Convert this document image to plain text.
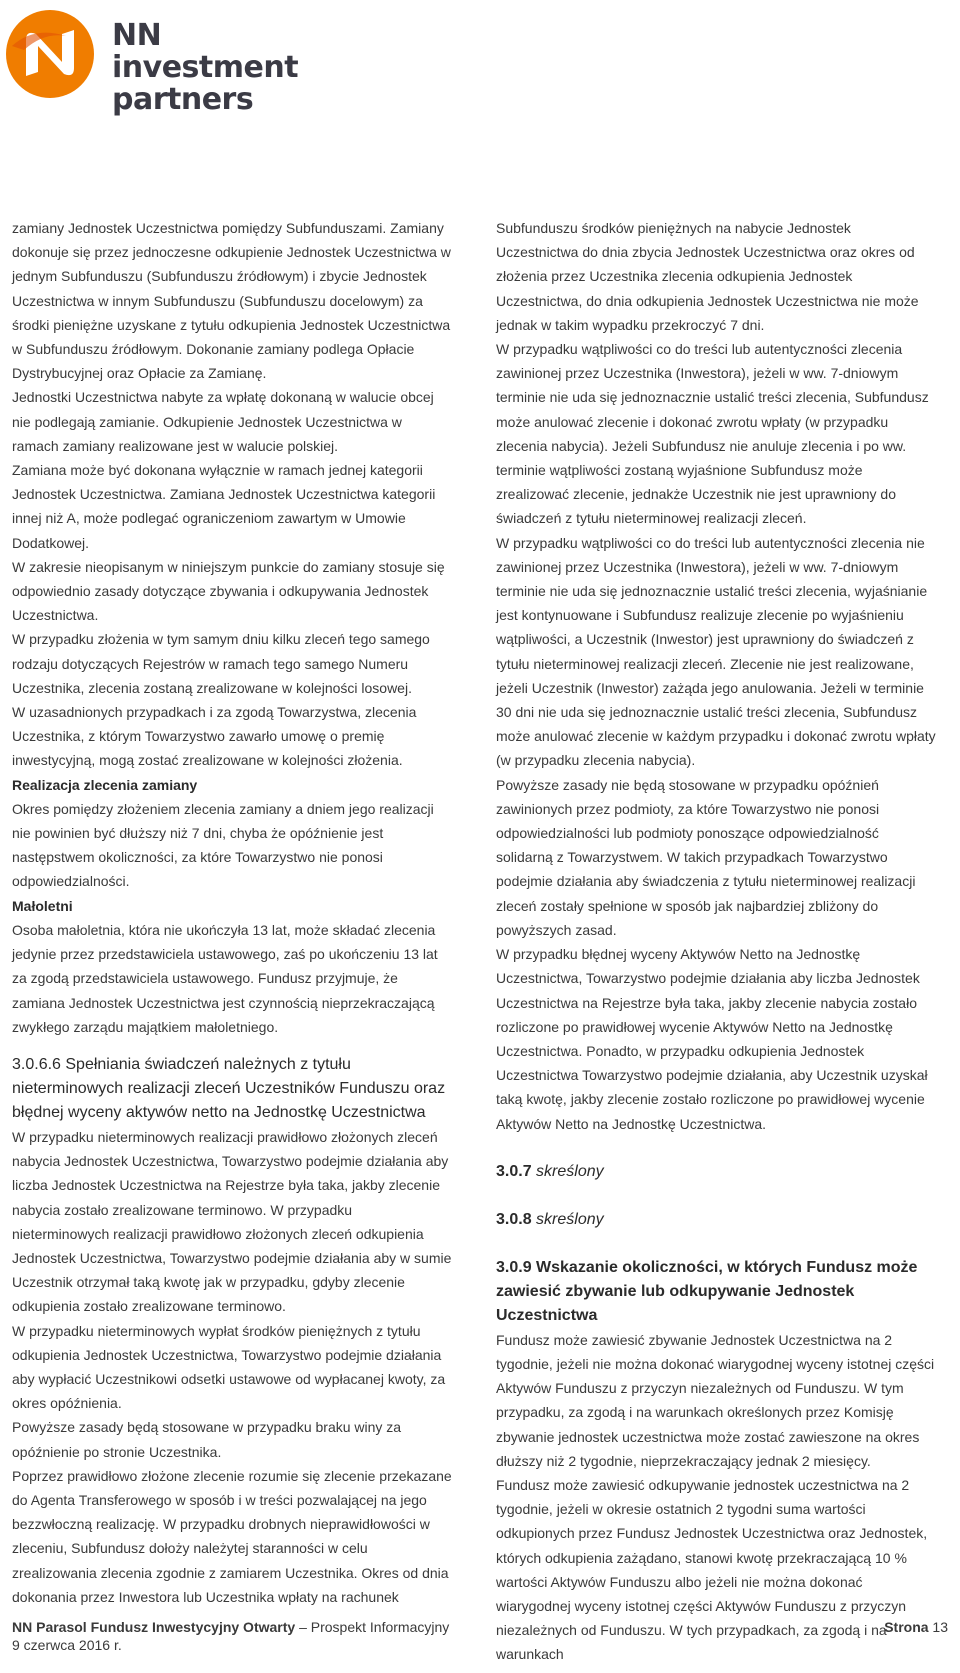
NN investment
partners

zamiany Jednostek Uczestnictwa pomiędzy Subfunduszami. Zamiany dokonuje się przez jednoczesne odkupienie Jednostek Uczestnictwa w jednym Subfunduszu (Subfunduszu źródłowym) i zbycie Jednostek Uczestnictwa w innym Subfunduszu (Subfunduszu docelowym) za środki pieniężne uzyskane z tytułu odkupienia Jednostek Uczestnictwa w Subfunduszu źródłowym. Dokonanie zamiany podlega Opłacie Dystrybucyjnej oraz Opłacie za Zamianę.

Jednostki Uczestnictwa nabyte za wpłatę dokonaną w walucie obcej nie podlegają zamianie. Odkupienie Jednostek Uczestnictwa w ramach zamiany realizowane jest w walucie polskiej.

Zamiana może być dokonana wyłącznie w ramach jednej kategorii Jednostek Uczestnictwa. Zamiana Jednostek Uczestnictwa kategorii innej niż A, może podlegać ograniczeniom zawartym w Umowie Dodatkowej.

W zakresie nieopisanym w niniejszym punkcie do zamiany stosuje się odpowiednio zasady dotyczące zbywania i odkupywania Jednostek Uczestnictwa.

W przypadku złożenia w tym samym dniu kilku zleceń tego samego rodzaju dotyczących Rejestrów w ramach tego samego Numeru Uczestnika, zlecenia zostaną zrealizowane w kolejności losowej.

W uzasadnionych przypadkach i za zgodą Towarzystwa, zlecenia Uczestnika, z którym Towarzystwo zawarło umowę o premię inwestycyjną, mogą zostać zrealizowane w kolejności złożenia.

Realizacja zlecenia zamiany

Okres pomiędzy złożeniem zlecenia zamiany a dniem jego realizacji nie powinien być dłuższy niż 7 dni, chyba że opóźnienie jest następstwem okoliczności, za które Towarzystwo nie ponosi odpowiedzialności.

Małoletni

Osoba małoletnia, która nie ukończyła 13 lat, może składać zlecenia jedynie przez przedstawiciela ustawowego, zaś po ukończeniu 13 lat za zgodą przedstawiciela ustawowego. Fundusz przyjmuje, że zamiana Jednostek Uczestnictwa jest czynnością nieprzekraczającą zwykłego zarządu majątkiem małoletniego.

3.0.6.6 Spełniania świadczeń należnych z tytułu nieterminowych realizacji zleceń Uczestników Funduszu oraz błędnej wyceny aktywów netto na Jednostkę Uczestnictwa

W przypadku nieterminowych realizacji prawidłowo złożonych zleceń nabycia Jednostek Uczestnictwa, Towarzystwo podejmie działania aby liczba Jednostek Uczestnictwa na Rejestrze była taka, jakby zlecenie nabycia zostało zrealizowane terminowo. W przypadku nieterminowych realizacji prawidłowo złożonych zleceń odkupienia Jednostek Uczestnictwa, Towarzystwo podejmie działania aby w sumie Uczestnik otrzymał taką kwotę jak w przypadku, gdyby zlecenie odkupienia zostało zrealizowane terminowo.

W przypadku nieterminowych wypłat środków pieniężnych z tytułu odkupienia Jednostek Uczestnictwa, Towarzystwo podejmie działania aby wypłacić Uczestnikowi odsetki ustawowe od wypłacanej kwoty, za okres opóźnienia.

Powyższe zasady będą stosowane w przypadku braku winy za opóźnienie po stronie Uczestnika.

Poprzez prawidłowo złożone zlecenie rozumie się zlecenie przekazane do Agenta Transferowego w sposób i w treści pozwalającej na jego bezzwłoczną realizację. W przypadku drobnych nieprawidłowości w zleceniu, Subfundusz dołoży należytej staranności w celu zrealizowania zlecenia zgodnie z zamiarem Uczestnika. Okres od dnia dokonania przez Inwestora lub Uczestnika wpłaty na rachunek

Subfunduszu środków pieniężnych na nabycie Jednostek Uczestnictwa do dnia zbycia Jednostek Uczestnictwa oraz okres od złożenia przez Uczestnika zlecenia odkupienia Jednostek Uczestnictwa, do dnia odkupienia Jednostek Uczestnictwa nie może jednak w takim wypadku przekroczyć 7 dni.

W przypadku wątpliwości co do treści lub autentyczności zlecenia zawinionej przez Uczestnika (Inwestora), jeżeli w ww. 7-dniowym terminie nie uda się jednoznacznie ustalić treści zlecenia, Subfundusz może anulować zlecenie i dokonać zwrotu wpłaty (w przypadku zlecenia nabycia). Jeżeli Subfundusz nie anuluje zlecenia i po ww. terminie wątpliwości zostaną wyjaśnione Subfundusz może zrealizować zlecenie, jednakże Uczestnik nie jest uprawniony do świadczeń z tytułu nieterminowej realizacji zleceń.

W przypadku wątpliwości co do treści lub autentyczności zlecenia nie zawinionej przez Uczestnika (Inwestora), jeżeli w ww. 7-dniowym terminie nie uda się jednoznacznie ustalić treści zlecenia, wyjaśnianie jest kontynuowane i Subfundusz realizuje zlecenie po wyjaśnieniu wątpliwości, a Uczestnik (Inwestor) jest uprawniony do świadczeń z tytułu nieterminowej realizacji zleceń. Zlecenie nie jest realizowane, jeżeli Uczestnik (Inwestor) zażąda jego anulowania. Jeżeli w terminie 30 dni nie uda się jednoznacznie ustalić treści zlecenia, Subfundusz może anulować zlecenie w każdym przypadku i dokonać zwrotu wpłaty (w przypadku zlecenia nabycia).

Powyższe zasady nie będą stosowane w przypadku opóźnień zawinionych przez podmioty, za które Towarzystwo nie ponosi odpowiedzialności lub podmioty ponoszące odpowiedzialność solidarną z Towarzystwem. W takich przypadkach Towarzystwo podejmie działania aby świadczenia z tytułu nieterminowej realizacji zleceń zostały spełnione w sposób jak najbardziej zbliżony do powyższych zasad.

W przypadku błędnej wyceny Aktywów Netto na Jednostkę Uczestnictwa, Towarzystwo podejmie działania aby liczba Jednostek Uczestnictwa na Rejestrze była taka, jakby zlecenie nabycia zostało rozliczone po prawidłowej wycenie Aktywów Netto na Jednostkę Uczestnictwa. Ponadto, w przypadku odkupienia Jednostek Uczestnictwa Towarzystwo podejmie działania, aby Uczestnik uzyskał taką kwotę, jakby zlecenie zostało rozliczone po prawidłowej wycenie Aktywów Netto na Jednostkę Uczestnictwa.

3.0.7 skreślony

3.0.8 skreślony

3.0.9 Wskazanie okoliczności, w których Fundusz może zawiesić zbywanie lub odkupywanie Jednostek Uczestnictwa

Fundusz może zawiesić zbywanie Jednostek Uczestnictwa na 2 tygodnie, jeżeli nie można dokonać wiarygodnej wyceny istotnej części Aktywów Funduszu z przyczyn niezależnych od Funduszu. W tym przypadku, za zgodą i na warunkach określonych przez Komisję zbywanie jednostek uczestnictwa może zostać zawieszone na okres dłuższy niż 2 tygodnie, nieprzekraczający jednak 2 miesięcy.

Fundusz może zawiesić odkupywanie jednostek uczestnictwa na 2 tygodnie, jeżeli w okresie ostatnich 2 tygodni suma wartości odkupionych przez Fundusz Jednostek Uczestnictwa oraz Jednostek, których odkupienia zażądano, stanowi kwotę przekraczającą 10 % wartości Aktywów Funduszu albo jeżeli nie można dokonać wiarygodnej wyceny istotnej części Aktywów Funduszu z przyczyn niezależnych od Funduszu. W tych przypadkach, za zgodą i na warunkach

NN Parasol Fundusz Inwestycyjny Otwarty – Prospekt Informacyjny
9 czerwca 2016 r.
Strona 13
